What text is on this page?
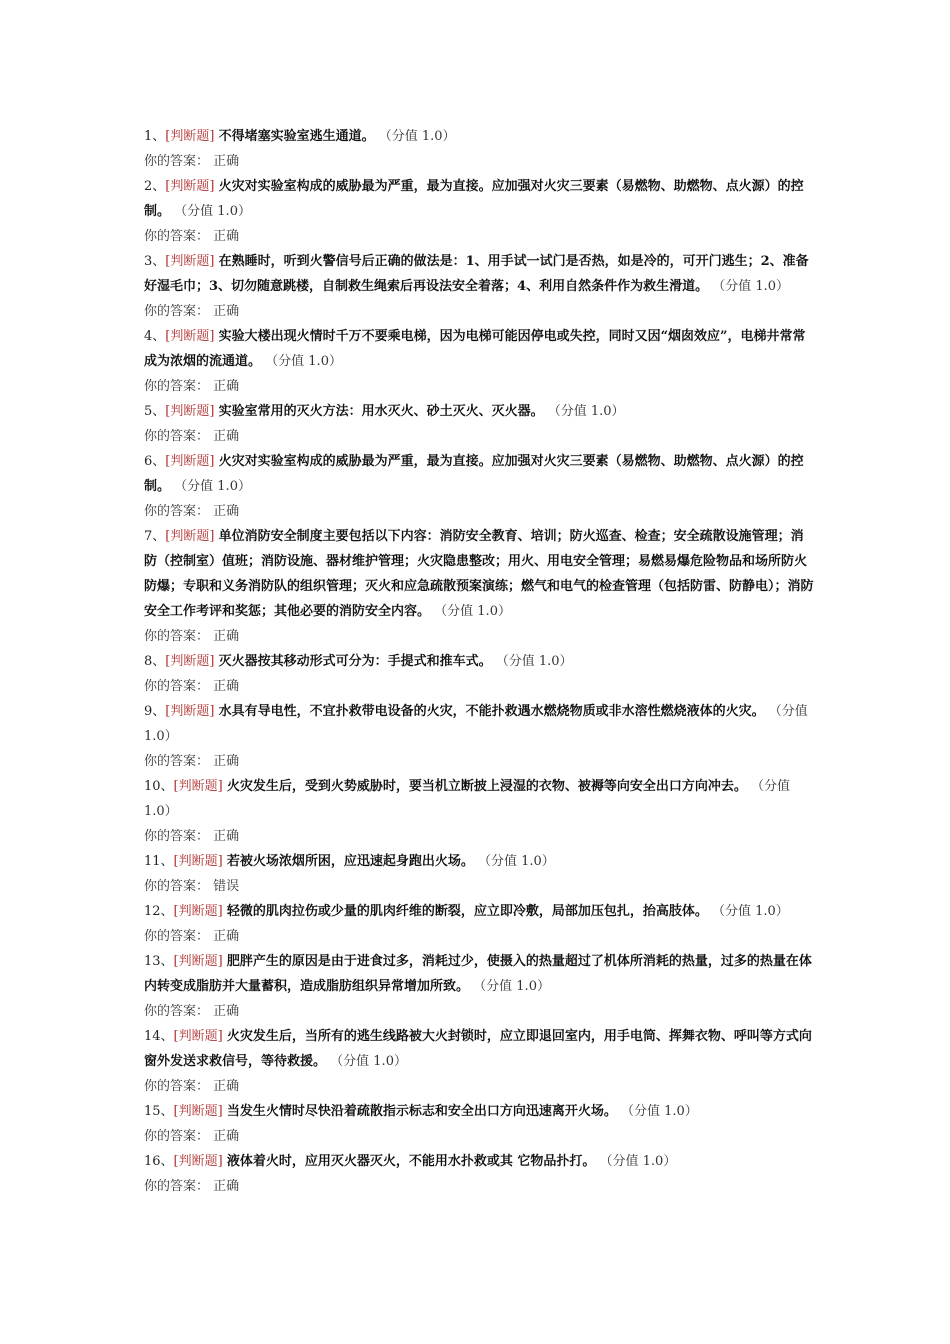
1、[判断题] 不得堵塞实验室逃生通道。 （分值 1.0）
你的答案： 正确
2、[判断题] 火灾对实验室构成的威胁最为严重，最为直接。应加强对火灾三要素（易燃物、助燃物、点火源）的控制。 （分值 1.0）
你的答案： 正确
3、[判断题] 在熟睡时，听到火警信号后正确的做法是：1、用手试一试门是否热，如是冷的，可开门逃生；2、准备好湿毛巾；3、切勿随意跳楼，自制救生绳索后再设法安全着落；4、利用自然条件作为救生滑道。 （分值 1.0）
你的答案： 正确
4、[判断题] 实验大楼出现火情时千万不要乘电梯，因为电梯可能因停电或失控，同时又因“烟囱效应”，电梯井常常成为浓烟的流通道。 （分值 1.0）
你的答案： 正确
5、[判断题] 实验室常用的灭火方法：用水灭火、砂土灭火、灭火器。 （分值 1.0）
你的答案： 正确
6、[判断题] 火灾对实验室构成的威胁最为严重，最为直接。应加强对火灾三要素（易燃物、助燃物、点火源）的控制。 （分值 1.0）
你的答案： 正确
7、[判断题] 单位消防安全制度主要包括以下内容：消防安全教育、培训；防火巡查、检查；安全疏散设施管理；消防（控制室）值班；消防设施、器材维护管理；火灾隐患整改；用火、用电安全管理；易燃易爆危险物品和场所防火防爆；专职和义务消防队的组织管理；灭火和应急疏散预案演练；燃气和电气的检查管理（包括防雷、防静电）；消防安全工作考评和奖惩；其他必要的消防安全内容。 （分值 1.0）
你的答案： 正确
8、[判断题] 灭火器按其移动形式可分为：手提式和推车式。 （分值 1.0）
你的答案： 正确
9、[判断题] 水具有导电性，不宜扑救带电设备的火灾，不能扑救遇水燃烧物质或非水溶性燃烧液体的火灾。 （分值 1.0）
你的答案： 正确
10、[判断题] 火灾发生后，受到火势威胁时，要当机立断披上浸湿的衣物、被褥等向安全出口方向冲去。 （分值 1.0）
你的答案： 正确
11、[判断题] 若被火场浓烟所困，应迅速起身跑出火场。 （分值 1.0）
你的答案： 错误
12、[判断题] 轻微的肌肉拉伤或少量的肌肉纤维的断裂，应立即冷敷，局部加压包扎，抬高肢体。 （分值 1.0）
你的答案： 正确
13、[判断题] 肥胖产生的原因是由于进食过多，消耗过少，使摄入的热量超过了机体所消耗的热量，过多的热量在体内转变成脂肪并大量蓄积，造成脂肪组织异常增加所致。 （分值 1.0）
你的答案： 正确
14、[判断题] 火灾发生后，当所有的逃生线路被大火封锁时，应立即退回室内，用手电筒、挥舞衣物、呼叫等方式向窗外发送求救信号，等待救援。 （分值 1.0）
你的答案： 正确
15、[判断题] 当发生火情时尽快沿着疏散指示标志和安全出口方向迅速离开火场。 （分值 1.0）
你的答案： 正确
16、[判断题] 液体着火时，应用灭火器灭火，不能用水扑救或其 它物品扑打。 （分值 1.0）
你的答案： 正确
